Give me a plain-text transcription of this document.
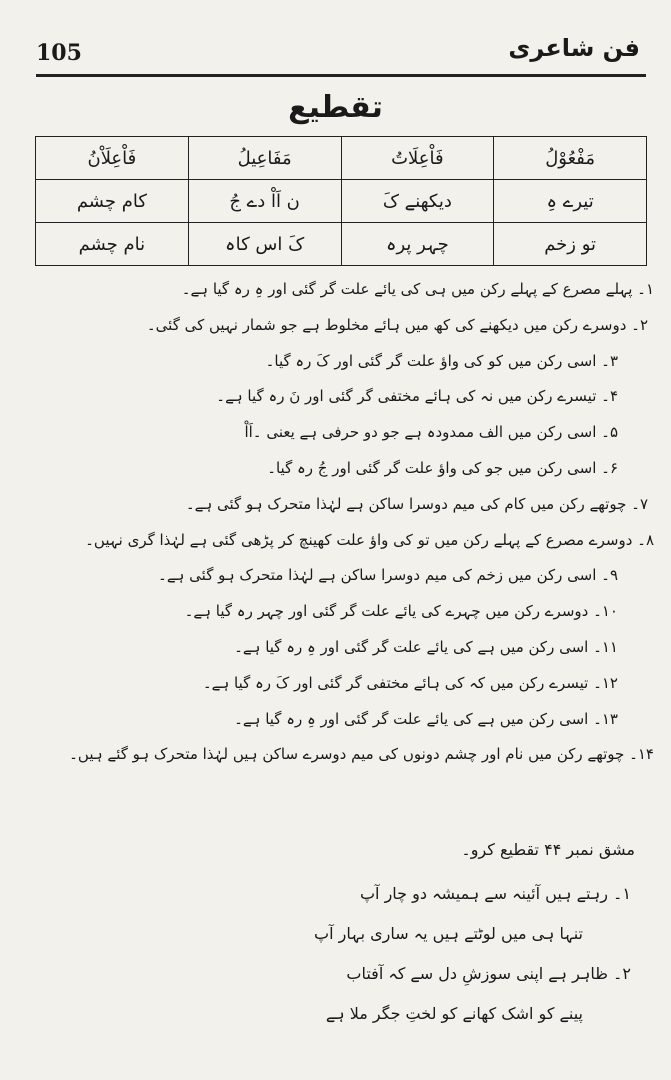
105	فن شاعری
تقطیع
مَفْعُوْلُ	فَاْعِلَاتُ	مَفَاعِیلُ	فَاْعِلَاْنُ
تیرے ہِ	دیکھنے کَ	ن اَاْ دے جُ	کام چشم
تو زخم	چہر پرہ	کَ اس کاہ	نام چشم
۱۔ پہلے مصرع کے پہلے رکن میں ہی کی یائے علت گر گئی اور ہِ رہ گیا ہے۔
۲۔ دوسرے رکن میں دیکھنے کی کھ میں ہائے مخلوط ہے جو شمار نہیں کی گئی۔
۳۔ اسی رکن میں کو کی واؤ علت گر گئی اور کَ رہ گیا۔
۴۔ تیسرے رکن میں نہ کی ہائے مختفی گر گئی اور نَ رہ گیا ہے۔
۵۔ اسی رکن میں الف ممدودہ ہے جو دو حرفی ہے یعنی ۔اَاْ
۶۔ اسی رکن میں جو کی واؤ علت گر گئی اور جُ رہ گیا۔
۷۔ چوتھے رکن میں کام کی میم دوسرا ساکن ہے لہٰذا متحرک ہو گئی ہے۔
۸۔ دوسرے مصرع کے پہلے رکن میں تو کی واؤ علت کھینچ کر پڑھی گئی ہے لہٰذا گری نہیں۔
۹۔ اسی رکن میں زخم کی میم دوسرا ساکن ہے لہٰذا متحرک ہو گئی ہے۔
۱۰۔ دوسرے رکن میں چہرے کی یائے علت گر گئی اور چہر رہ گیا ہے۔
۱۱۔ اسی رکن میں ہے کی یائے علت گر گئی اور ہِ رہ گیا ہے۔
۱۲۔ تیسرے رکن میں کہ کی ہائے مختفی گر گئی اور کَ رہ گیا ہے۔
۱۳۔ اسی رکن میں ہے کی یائے علت گر گئی اور ہِ رہ گیا ہے۔
۱۴۔ چوتھے رکن میں نام اور چشم دونوں کی میم دوسرے ساکن ہیں لہٰذا متحرک ہو گئے ہیں۔
مشق نمبر ۴۴ تقطیع کرو۔
۱۔ رہتے ہیں آئینہ سے ہمیشہ دو چار آپ
تنہا ہی میں لوٹتے ہیں یہ ساری بہار آپ
۲۔ ظاہر ہے اپنی سوزشِ دل سے کہ آفتاب
پینے کو اشک کھانے کو لختِ جگر ملا ہے
